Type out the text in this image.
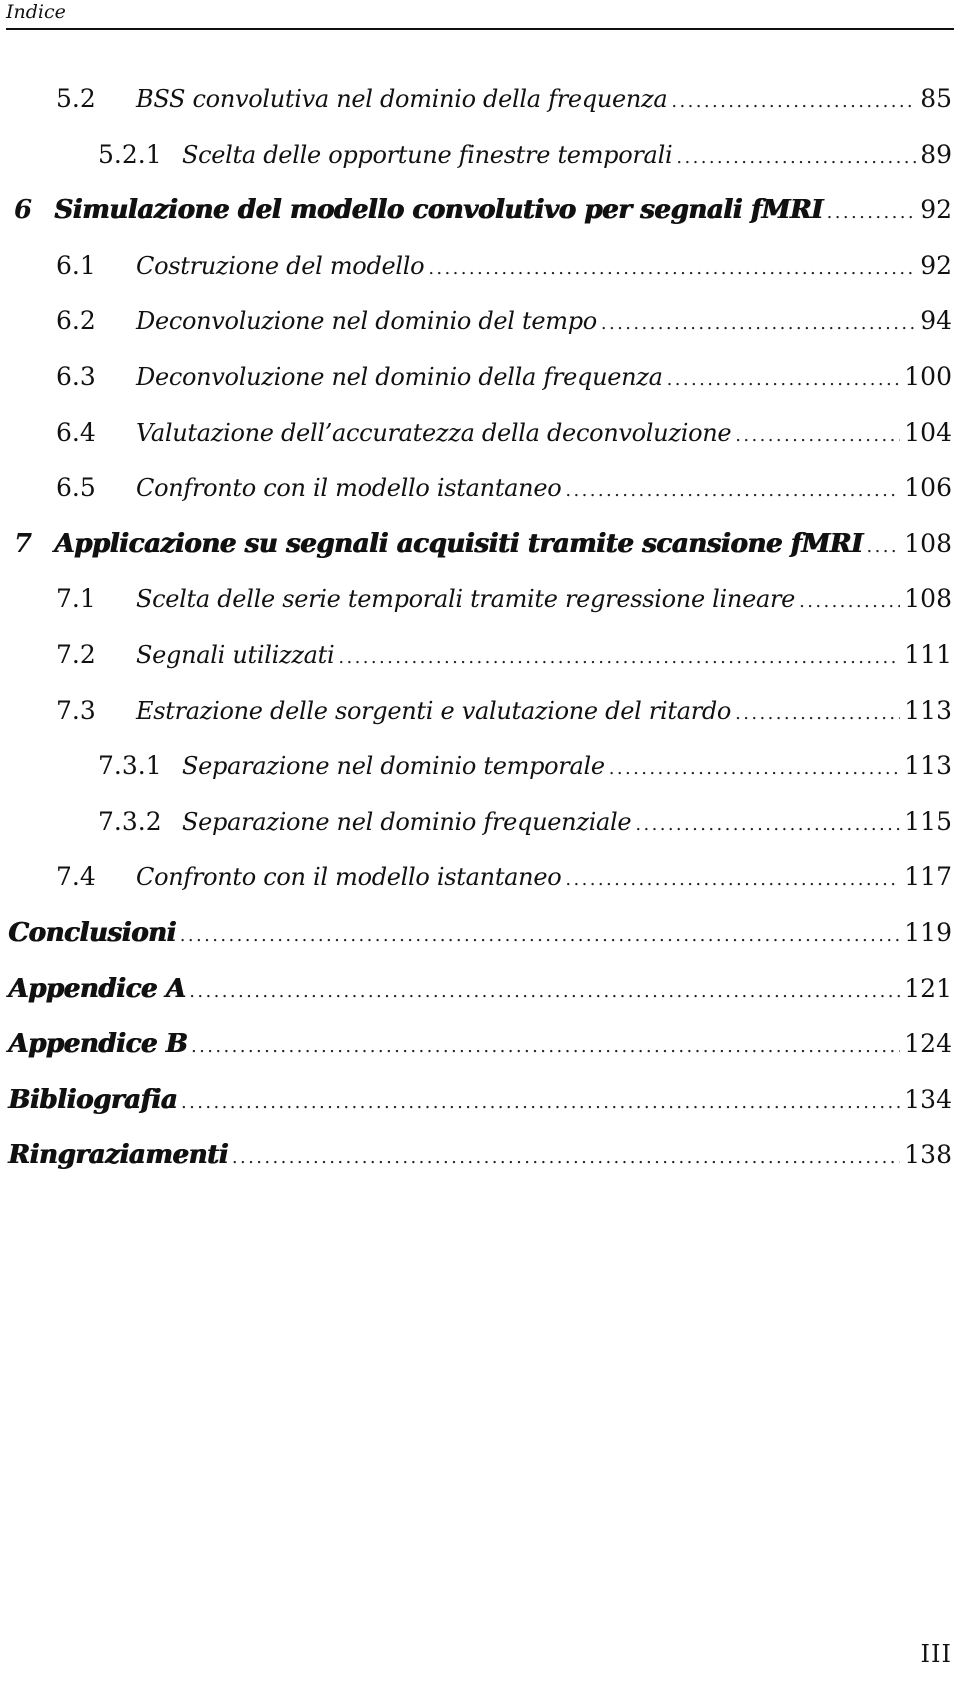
Indice
5.2	BSS convolutiva nel dominio della frequenza .....	85
5.2.1 Scelta delle opportune finestre temporali .....	89
6 Simulazione del modello convolutivo per segnali fMRI .....	92
6.1	Costruzione del modello .....	92
6.2	Deconvoluzione nel dominio del tempo .....	94
6.3	Deconvoluzione nel dominio della frequenza .....	100
6.4	Valutazione dell’accuratezza della deconvoluzione .....	104
6.5	Confronto con il modello istantaneo .....	106
7 Applicazione su segnali acquisiti tramite scansione fMRI ..... 108
7.1	Scelta delle serie temporali tramite regressione lineare .....	108
7.2	Segnali utilizzati .....	111
7.3	Estrazione delle sorgenti e valutazione del ritardo .....	113
7.3.1 Separazione nel dominio temporale .....	113
7.3.2 Separazione nel dominio frequenziale .....	115
7.4	Confronto con il modello istantaneo .....	117
Conclusioni .....	119
Appendice A .....	121
Appendice B .....	124
Bibliografia .....	134
Ringraziamenti .....	138
III
